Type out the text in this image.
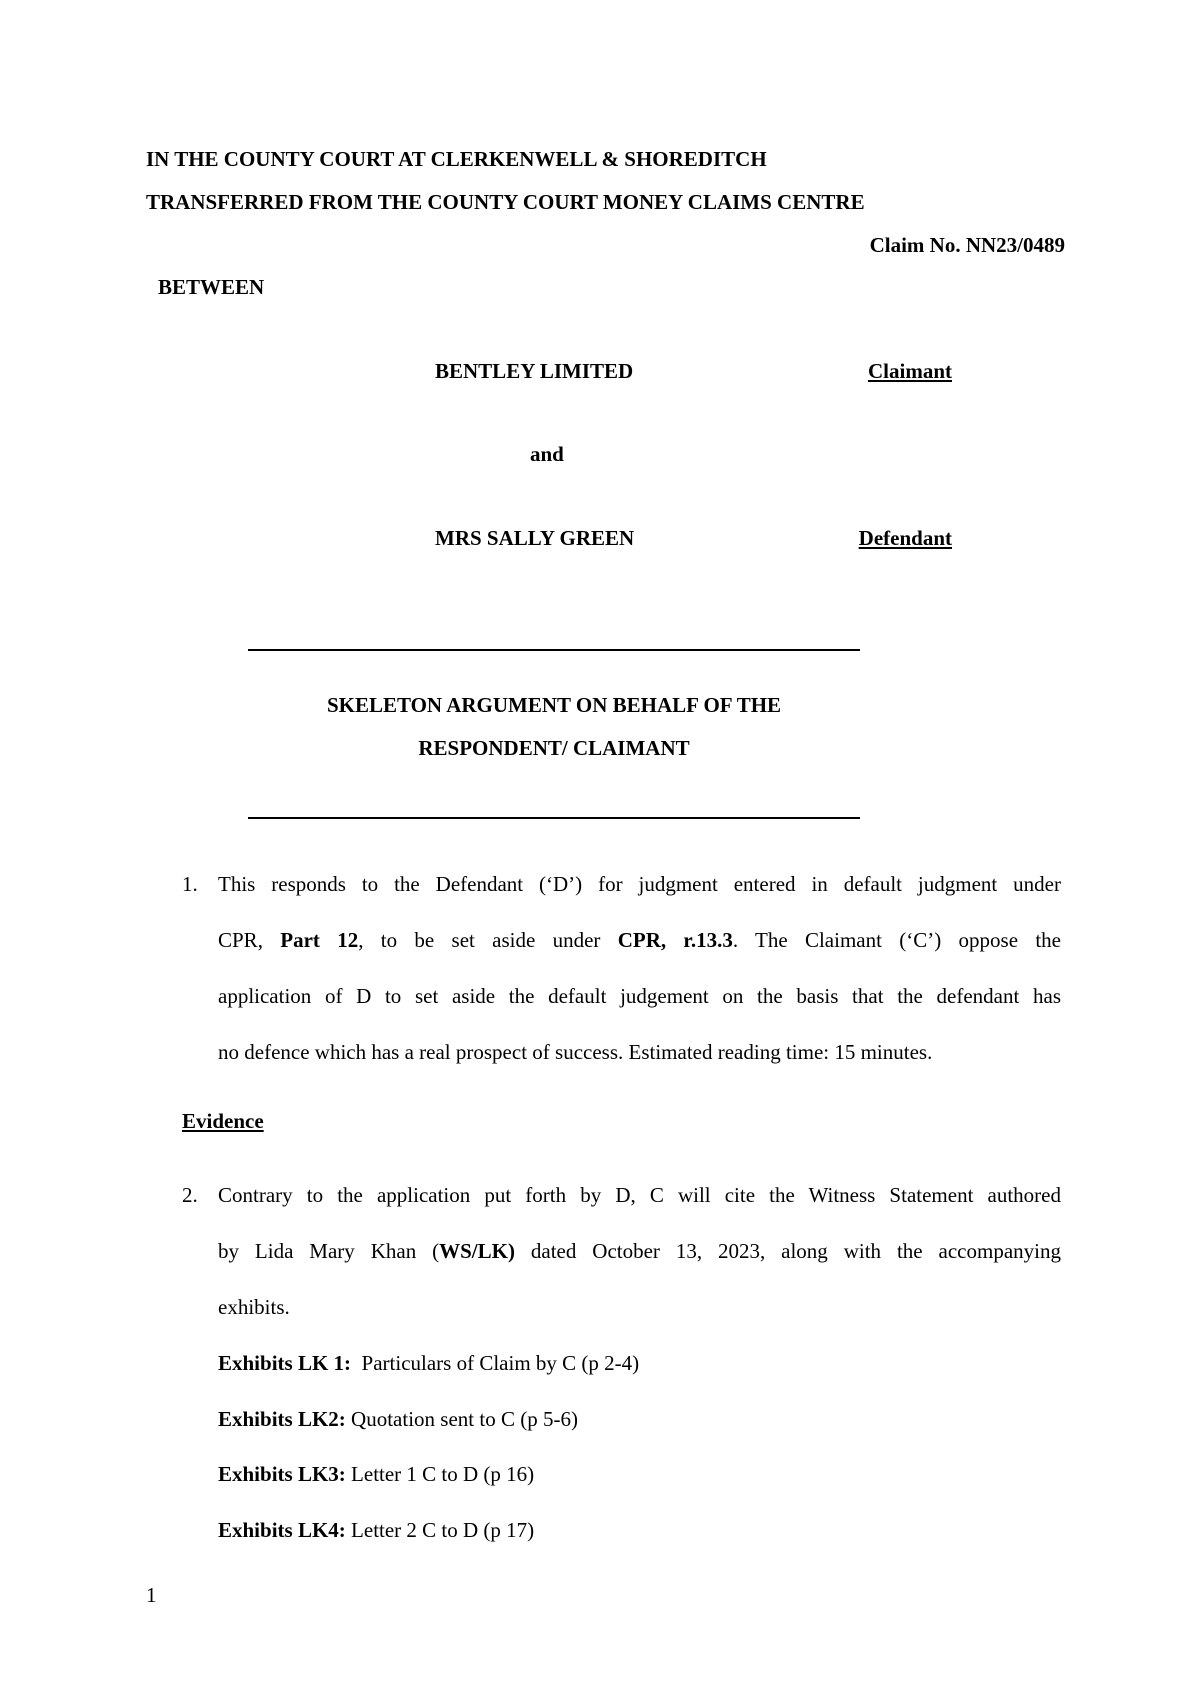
IN THE COUNTY COURT AT CLERKENWELL & SHOREDITCH
TRANSFERRED FROM THE COUNTY COURT MONEY CLAIMS CENTRE
Claim No. NN23/0489
BETWEEN
BENTLEY LIMITED	Claimant
and
MRS SALLY GREEN	Defendant
SKELETON ARGUMENT ON BEHALF OF THE
RESPONDENT/ CLAIMANT
1. This responds to the Defendant (‘D’) for judgment entered in default judgment under
CPR, Part 12, to be set aside under CPR, r.13.3. The Claimant (‘C’) oppose the
application of D to set aside the default judgement on the basis that the defendant has
no defence which has a real prospect of success. Estimated reading time: 15 minutes.
Evidence
2. Contrary to the application put forth by D, C will cite the Witness Statement authored
by Lida Mary Khan (WS/LK) dated October 13, 2023, along with the accompanying
exhibits.
Exhibits LK 1:  Particulars of Claim by C (p 2-4)
Exhibits LK2: Quotation sent to C (p 5-6)
Exhibits LK3: Letter 1 C to D (p 16)
Exhibits LK4: Letter 2 C to D (p 17)
1
